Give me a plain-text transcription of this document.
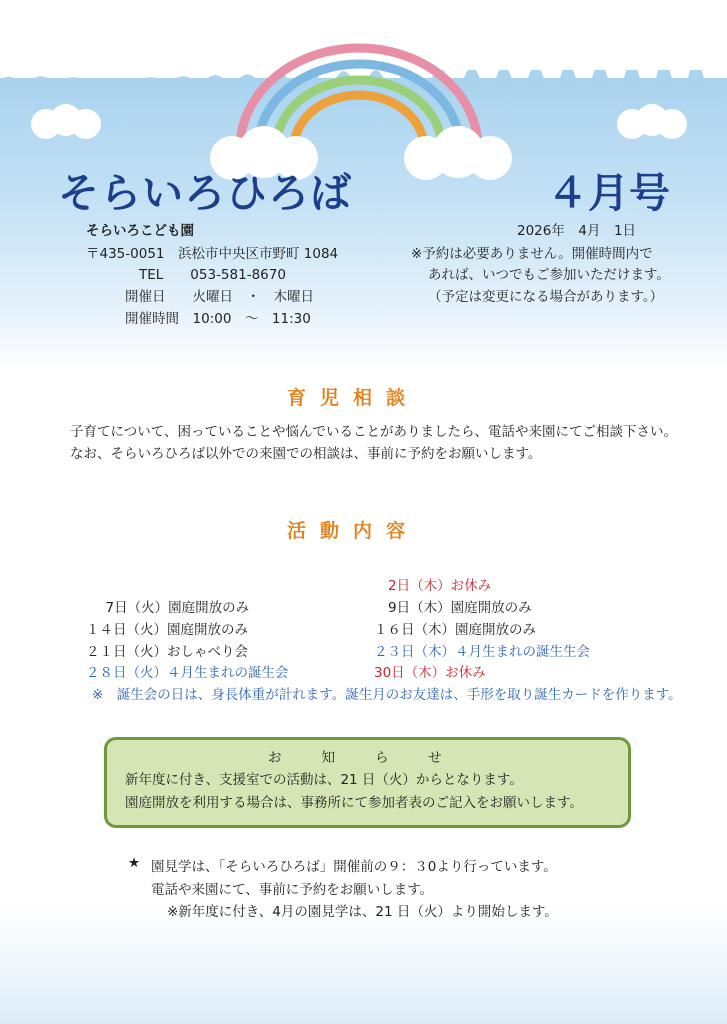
そらいろひろば	４月号
そらいろこども園	2026年　4月　1日
〒435-0051　浜松市中央区市野町 1084
TEL　　053-581-8670
開催日　　火曜日　・　木曜日
開催時間　10:00　～　11:30
※予約は必要ありません。開催時間内で
あれば、いつでもご参加いただけます。
（予定は変更になる場合があります。）
育児相談
子育てについて、困っていることや悩んでいることがありましたら、電話や来園にてご相談下さい。
なお、そらいろひろば以外での来園での相談は、事前に予約をお願いします。
活動内容
　7日（火）園庭開放のみ
１４日（火）園庭開放のみ
２１日（火）おしゃべり会
２８日（火）４月生まれの誕生会
2日（木）お休み
9日（木）園庭開放のみ
１６日（木）園庭開放のみ
２３日（木）４月生まれの誕生生会
30日（木）お休み
※　誕生会の日は、身長体重が計れます。誕生月のお友達は、手形を取り誕生カードを作ります。
お知らせ
新年度に付き、支援室での活動は、21 日（火）からとなります。
園庭開放を利用する場合は、事務所にて参加者表のご記入をお願いします。
★ 園見学は、「そらいろひろば」開催前の９：３0より行っています。
電話や来園にて、事前に予約をお願いします。
※新年度に付き、4月の園見学は、21 日（火）より開始します。
